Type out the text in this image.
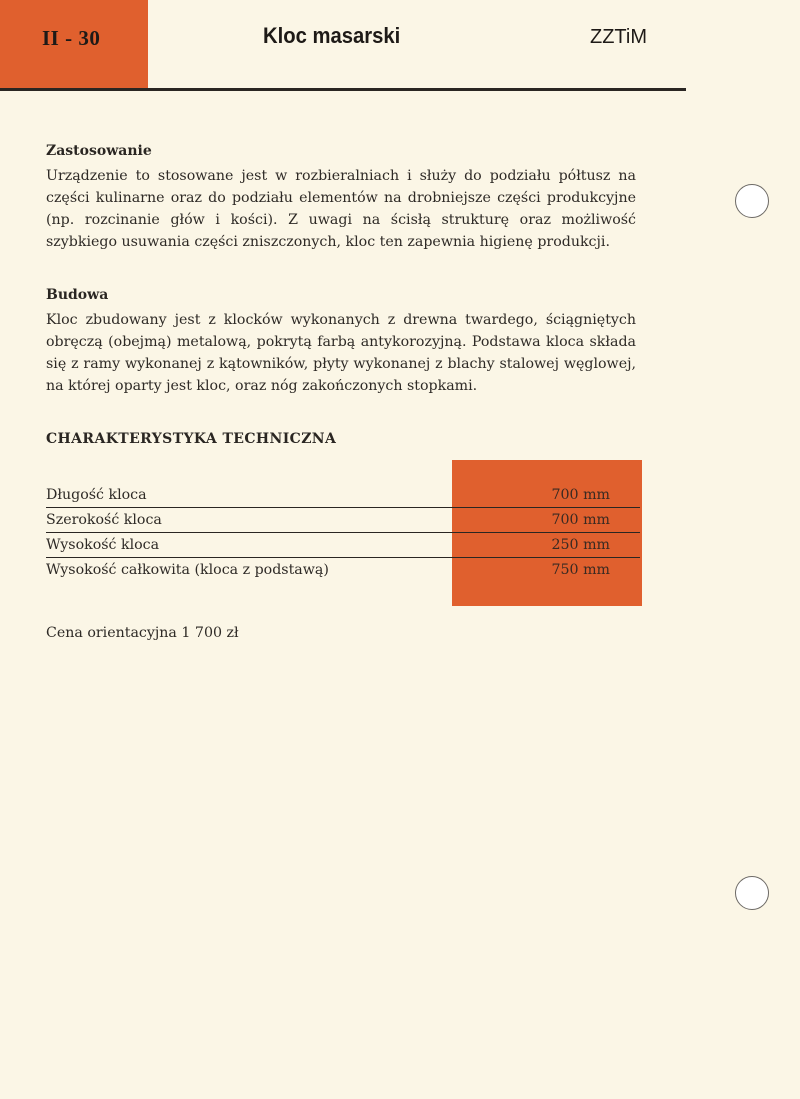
II - 30	Kloc masarski	ZZTiM
Zastosowanie
Urządzenie to stosowane jest w rozbieralniach i służy do podziału półtusz na części kulinarne oraz do podziału elementów na drobniejsze części produkcyjne (np. rozcinanie głów i kości). Z uwagi na ścisłą strukturę oraz możliwość szybkiego usuwania części zniszczonych, kloc ten zapewnia higienę produkcji.
Budowa
Kloc zbudowany jest z klocków wykonanych z drewna twardego, ściągniętych obręczą (obejmą) metalową, pokrytą farbą antykorozyjną. Podstawa kloca składa się z ramy wykonanej z kątowników, płyty wykonanej z blachy stalowej węglowej, na której oparty jest kloc, oraz nóg zakończonych stopkami.
CHARAKTERYSTYKA TECHNICZNA
Długość kloca	700 mm
Szerokość kloca	700 mm
Wysokość kloca	250 mm
Wysokość całkowita (kloca z podstawą)	750 mm
Cena orientacyjna 1 700 zł
